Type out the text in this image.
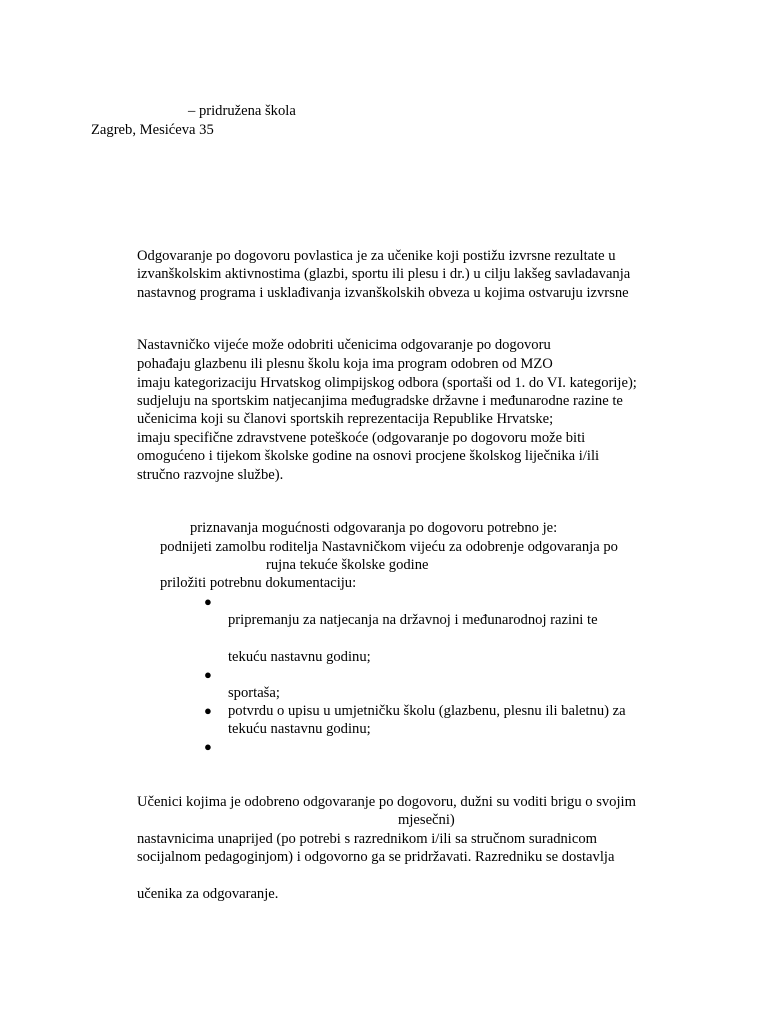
– pridružena škola
Zagreb, Mesićeva 35
Odgovaranje po dogovoru povlastica je za učenike koji postižu izvrsne rezultate u
izvanškolskim aktivnostima (glazbi, sportu ili plesu i dr.) u cilju lakšeg savladavanja
nastavnog programa i usklađivanja izvanškolskih obveza u kojima ostvaruju izvrsne
Nastavničko vijeće može odobriti učenicima odgovaranje po dogovoru
pohađaju glazbenu ili plesnu školu koja ima program odobren od MZO
imaju kategorizaciju Hrvatskog olimpijskog odbora (sportaši od 1. do VI. kategorije);
sudjeluju na sportskim natjecanjima međugradske državne i međunarodne razine te
učenicima koji su članovi sportskih reprezentacija Republike Hrvatske;
imaju specifične zdravstvene poteškoće (odgovaranje po dogovoru može biti
omogućeno i tijekom školske godine na osnovi procjene školskog liječnika i/ili
stručno razvojne službe).
priznavanja mogućnosti odgovaranja po dogovoru potrebno je:
podnijeti zamolbu roditelja Nastavničkom vijeću za odobrenje odgovaranja po
rujna tekuće školske godine
priložiti potrebnu dokumentaciju:
●
pripremanju za natjecanja na državnoj i međunarodnoj razini te
tekuću nastavnu godinu;
●
sportaša;
● potvrdu o upisu u umjetničku školu (glazbenu, plesnu ili baletnu) za
tekuću nastavnu godinu;
●
Učenici kojima je odobreno odgovaranje po dogovoru, dužni su voditi brigu o svojim
mjesečni)
nastavnicima unaprijed (po potrebi s razrednikom i/ili sa stručnom suradnicom
socijalnom pedagoginjom) i odgovorno ga se pridržavati. Razredniku se dostavlja
učenika za odgovaranje.
